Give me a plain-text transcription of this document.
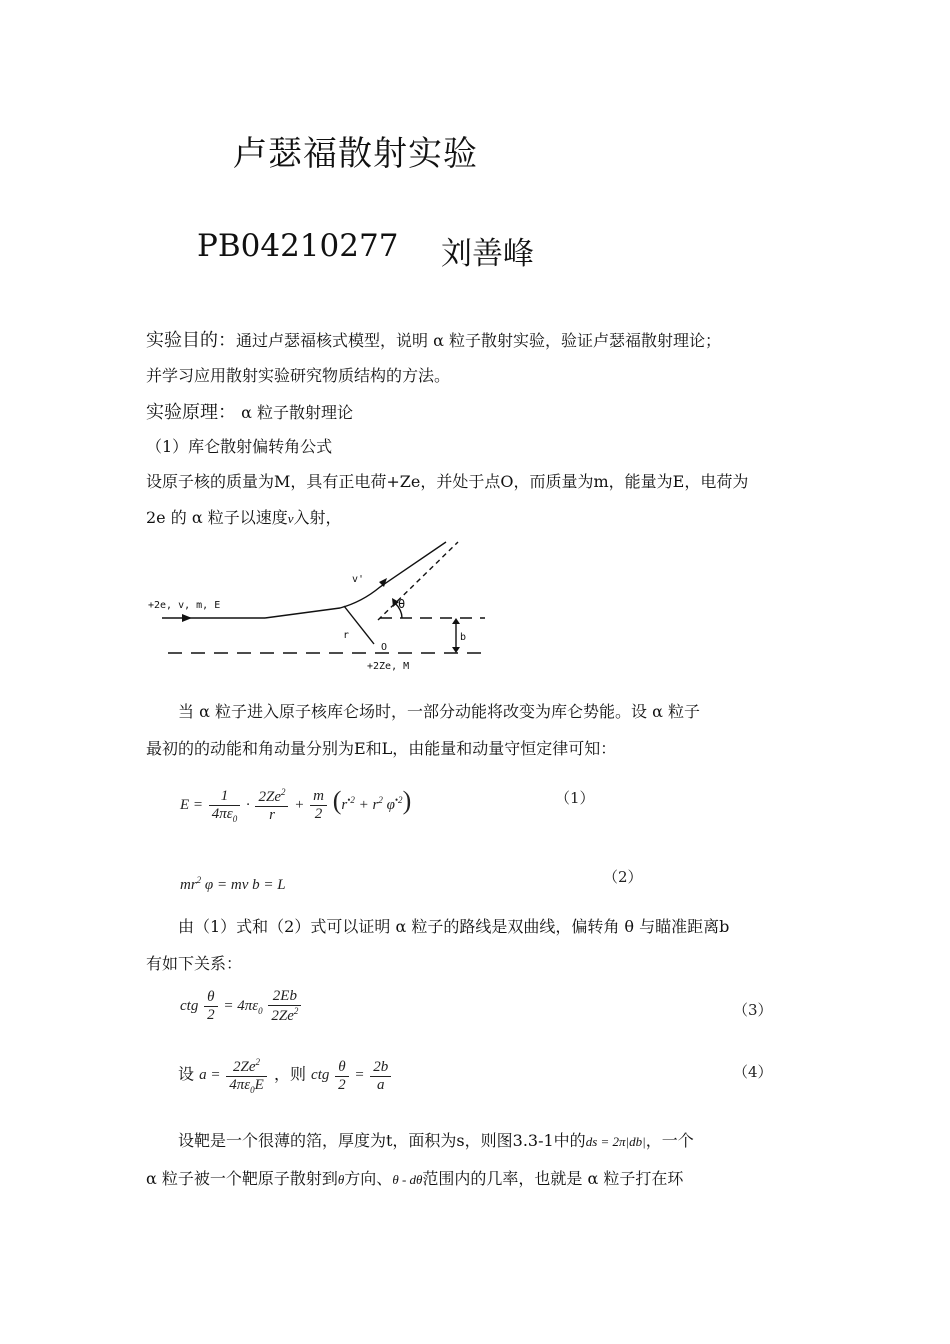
卢瑟福散射实验
PB04210277 刘善峰
实验目的：通过卢瑟福核式模型，说明 α 粒子散射实验，验证卢瑟福散射理论；
并学习应用散射实验研究物质结构的方法。
实验原理： α 粒子散射理论
（1）库仑散射偏转角公式
设原子核的质量为M，具有正电荷+Ze，并处于点O，而质量为m，能量为E，电荷为
2e 的 α 粒子以速度v入射，
+2e, v, m, E
v'
θ
r
O
b
+2Ze, M
当 α 粒子进入原子核库仑场时，一部分动能将改变为库仑势能。设 α 粒子
最初的的动能和角动量分别为E和L，由能量和动量守恒定律可知：
$E = \frac{1}{4\pi\varepsilon_0} \cdot \frac{2Ze^2}{r} + \frac{m}{2} (r^{•2} + r^2$ $\varphi^{•2}$)	（1）
$mr^2$ φ = mv b = L	（2）
由（1）式和（2）式可以证明 α 粒子的路线是双曲线，偏转角 θ 与瞄准距离b
有如下关系：
ctg $\frac{\theta}{2} = 4\pi\varepsilon_0 \frac{2Eb}{2Ze^2}$	（3）
设 $a = \frac{2Ze^2}{4\pi\varepsilon_0E}$ ，则 ctg $\frac{\theta}{2} = \frac{2b}{a}$	（4）
设靶是一个很薄的箔，厚度为t，面积为s，则图3.3-1中的ds = 2π|db|，一个
α 粒子被一个靶原子散射到θ方向、θ - dθ范围内的几率，也就是 α 粒子打在环
